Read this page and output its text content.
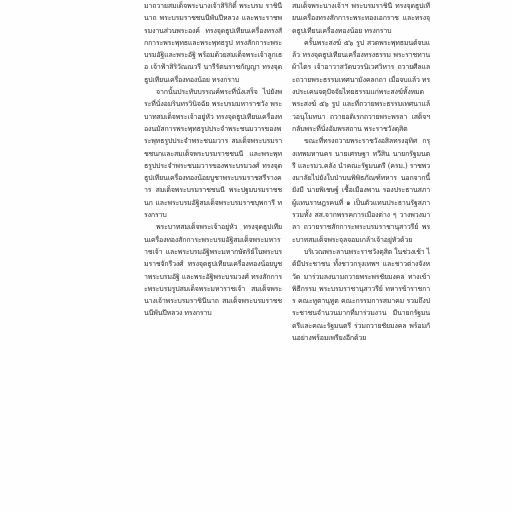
มาถวายสมเด็จพระนางเจ้าสิริกิติ์ พระบรม ราชินีนาถ พระบรมราชชนนีพันปีหลวง และพระราชพรมงานส่วนพระองค์ ทรงจุดธูปเทียนเครื่องทรงสักการะพระพุทธและพระพุทธรูป ทรงสักการะพระบรมอัฐิและพระอัฐิ พร้อมด้วยสมเด็จพระเจ้าลูกเธอ เจ้าฟ้าสิริวัณณวรี นารีรัตนราชกัญญา ทรงจุดธูปเทียนเครื่องทองน้อย ทรงกราบ

จากนั้นประทับบรรณค์พระที่นั่งเสร็จ ไปยังพระที่นั่งอมรินทรวินิจฉัย พระบรมมหาราชวัง พระบาทสมเด็จพระเจ้าอยู่หัว ทรงจุดธูปเทียนเครื่องทองนมัสการพระพุทธรูปประจำพระชนมวารของพระพุทธรูปประจำพระชนมวาร สมเด็จพระบรมราชชนกและสมเด็จพระบรมราชชนนี และพระพุทธรูปประจำพระชนมวารของพระบรมวงศ์ ทรงจุดธูปเทียนเครื่องทองน้อยบูชาพระบรมราชสรีรางคาร สมเด็จพระบรมราชชนนี พระปฐมบรมราชชนก และพระบรมอัฐิสมเด็จพระบรมราชบุพการี ทรงกราบ

พระบาทสมเด็จพระเจ้าอยู่หัว ทรงจุดธูปเทียนเครื่องทองสักการะพระบรมอัฐิสมเด็จพระมหาราชเจ้า และพระบรมอัฐิพระมหากษัตริย์ในพระบรมราชจักรีวงศ์ ทรงจุดธูปเทียนเครื่องทองน้อยบูชาพระบรมอัฐิ และพระอัฐิพระบรมวงศ์ ทรงสักการะพระบรมรูปสมเด็จพระมหาราชเจ้า สมเด็จพระนางเจ้าพระบรมราชินีนาถ สมเด็จพระบรมราชชนนีพันปีหลวง ทรงกราบ

สมเด็จพระนางเจ้าฯ พระบรมราชินี ทรงจุดธูปเทียนเครื่องทรงสักการะพระทองเอกราช และทรงจุดธูปเทียนเครื่องทองน้อย ทรงกราบ

ครั้นพระสงฆ์ ๕๖ รูป สวดพระพุทธมนต์จบแล้ว ทรงจุดธูปเทียนเครื่องทรงธรรม พระราชทานผ้าไตร เจ้าอาวาสวัดบวรนิเวศวิหาร ถวายศีลและถวายพระธรรมเทศนามังคลกถา เมื่อจบแล้ว ทรงประเคนจตุปัจจัยไทยธรรมแก่พระสงฆ์ทั้งหมด พระสงฆ์ ๕๖ รูป และที่ถวายพระธรรมเทศนาแล้วอนุโมทนา ถวายอดิเรกถวายพระพรลา เสด็จฯ กลับพระที่นั่งอัมพรสถาน พระราชวังดุสิต

ขณะที่ทรงถวายพระราชวังอสิลทรงอุทิศ กรุงเทพมหานคร นายเศรษฐา ทวีสิน นายกรัฐมนตรี และรมว.คลัง นำคณะรัฐมนตรี (ครม.) ราชพวงมาลัยไปยังใบป่าบนพิพิธภัณฑ์ทหาร นอกจากนี้ยังมี นายพิเชษฐ์ เชื้อเมืองพาน รองประธานสภาผู้แทนราษฎรคนที่ ๑ เป็นตัวแทนประธานรัฐสภา รวมทั้ง สส.จากพรรคการเมืองต่าง ๆ วางพวงมาลา ถวายราชสักการะพระบรมราชานุสาวรีย์ พระบาทสมเด็จพระจุลจอมเกล้าเจ้าอยู่หัวด้วย

บริเวณพระลานพระราชวังดุสิต ในช่วงเช้า ได้มีประชาชน ทั้งชาวกรุงเทพฯ และชาวต่างจังหวัด มาร่วมลงนามถวายพระพรชัยมงคล ทางเข้าพิธีกรรม พระบรมราชานุสาวรีย์ ทหารข้าราชการ คณะทูตานุทูต คณะกรรมการสมาคม รวมถึงประชาชนจำนวนมากที่มาร่วมงาน มีนายกรัฐมนตรีและคณะรัฐมนตรี ร่วมถวายชัยมงคล พร้อมกันอย่างพร้อมเพรียงอีกด้วย
